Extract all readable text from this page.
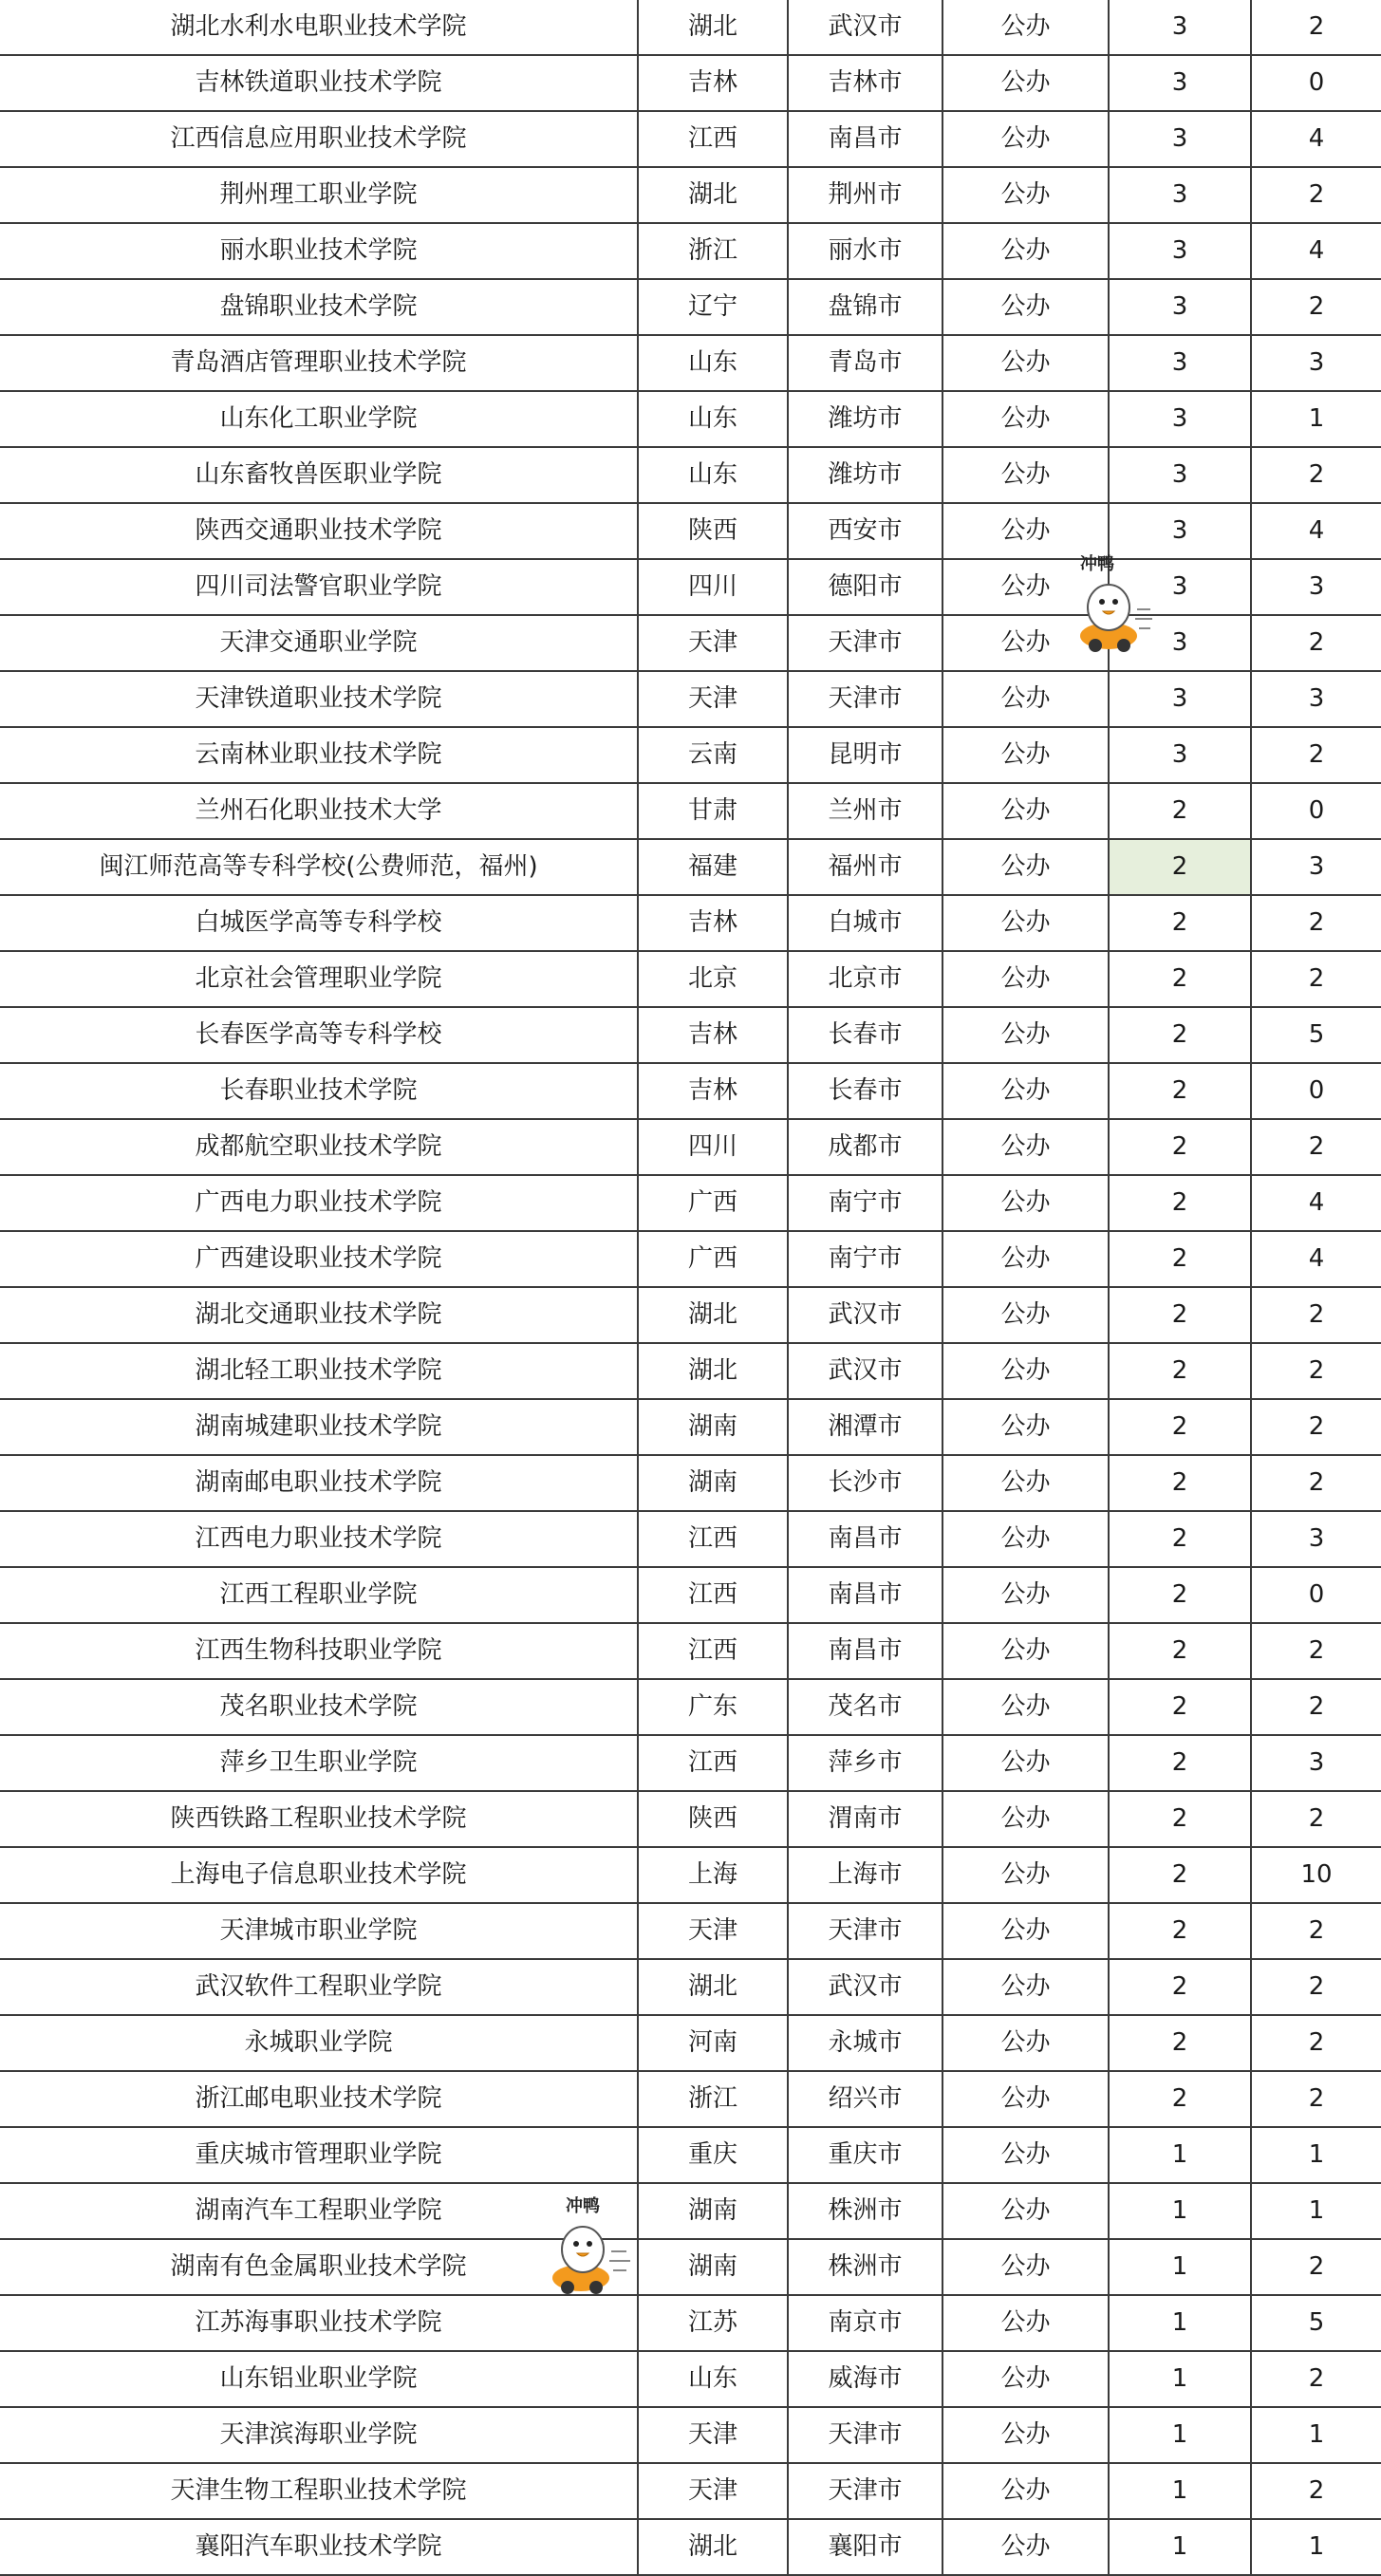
湖北水利水电职业技术学院	湖北	武汉市	公办	3	2
吉林铁道职业技术学院	吉林	吉林市	公办	3	0
江西信息应用职业技术学院	江西	南昌市	公办	3	4
荆州理工职业学院	湖北	荆州市	公办	3	2
丽水职业技术学院	浙江	丽水市	公办	3	4
盘锦职业技术学院	辽宁	盘锦市	公办	3	2
青岛酒店管理职业技术学院	山东	青岛市	公办	3	3
山东化工职业学院	山东	潍坊市	公办	3	1
山东畜牧兽医职业学院	山东	潍坊市	公办	3	2
陕西交通职业技术学院	陕西	西安市	公办	3	4
四川司法警官职业学院	四川	德阳市	公办	3	3
天津交通职业学院	天津	天津市	公办	3	2
天津铁道职业技术学院	天津	天津市	公办	3	3
云南林业职业技术学院	云南	昆明市	公办	3	2
兰州石化职业技术大学	甘肃	兰州市	公办	2	0
闽江师范高等专科学校(公费师范，福州)	福建	福州市	公办	2	3
白城医学高等专科学校	吉林	白城市	公办	2	2
北京社会管理职业学院	北京	北京市	公办	2	2
长春医学高等专科学校	吉林	长春市	公办	2	5
长春职业技术学院	吉林	长春市	公办	2	0
成都航空职业技术学院	四川	成都市	公办	2	2
广西电力职业技术学院	广西	南宁市	公办	2	4
广西建设职业技术学院	广西	南宁市	公办	2	4
湖北交通职业技术学院	湖北	武汉市	公办	2	2
湖北轻工职业技术学院	湖北	武汉市	公办	2	2
湖南城建职业技术学院	湖南	湘潭市	公办	2	2
湖南邮电职业技术学院	湖南	长沙市	公办	2	2
江西电力职业技术学院	江西	南昌市	公办	2	3
江西工程职业学院	江西	南昌市	公办	2	0
江西生物科技职业学院	江西	南昌市	公办	2	2
茂名职业技术学院	广东	茂名市	公办	2	2
萍乡卫生职业学院	江西	萍乡市	公办	2	3
陕西铁路工程职业技术学院	陕西	渭南市	公办	2	2
上海电子信息职业技术学院	上海	上海市	公办	2	10
天津城市职业学院	天津	天津市	公办	2	2
武汉软件工程职业学院	湖北	武汉市	公办	2	2
永城职业学院	河南	永城市	公办	2	2
浙江邮电职业技术学院	浙江	绍兴市	公办	2	2
重庆城市管理职业学院	重庆	重庆市	公办	1	1
湖南汽车工程职业学院	湖南	株洲市	公办	1	1
湖南有色金属职业技术学院	湖南	株洲市	公办	1	2
江苏海事职业技术学院	江苏	南京市	公办	1	5
山东铝业职业学院	山东	威海市	公办	1	2
天津滨海职业学院	天津	天津市	公办	1	1
天津生物工程职业技术学院	天津	天津市	公办	1	2
襄阳汽车职业技术学院	湖北	襄阳市	公办	1	1
冲鸭
冲鸭
